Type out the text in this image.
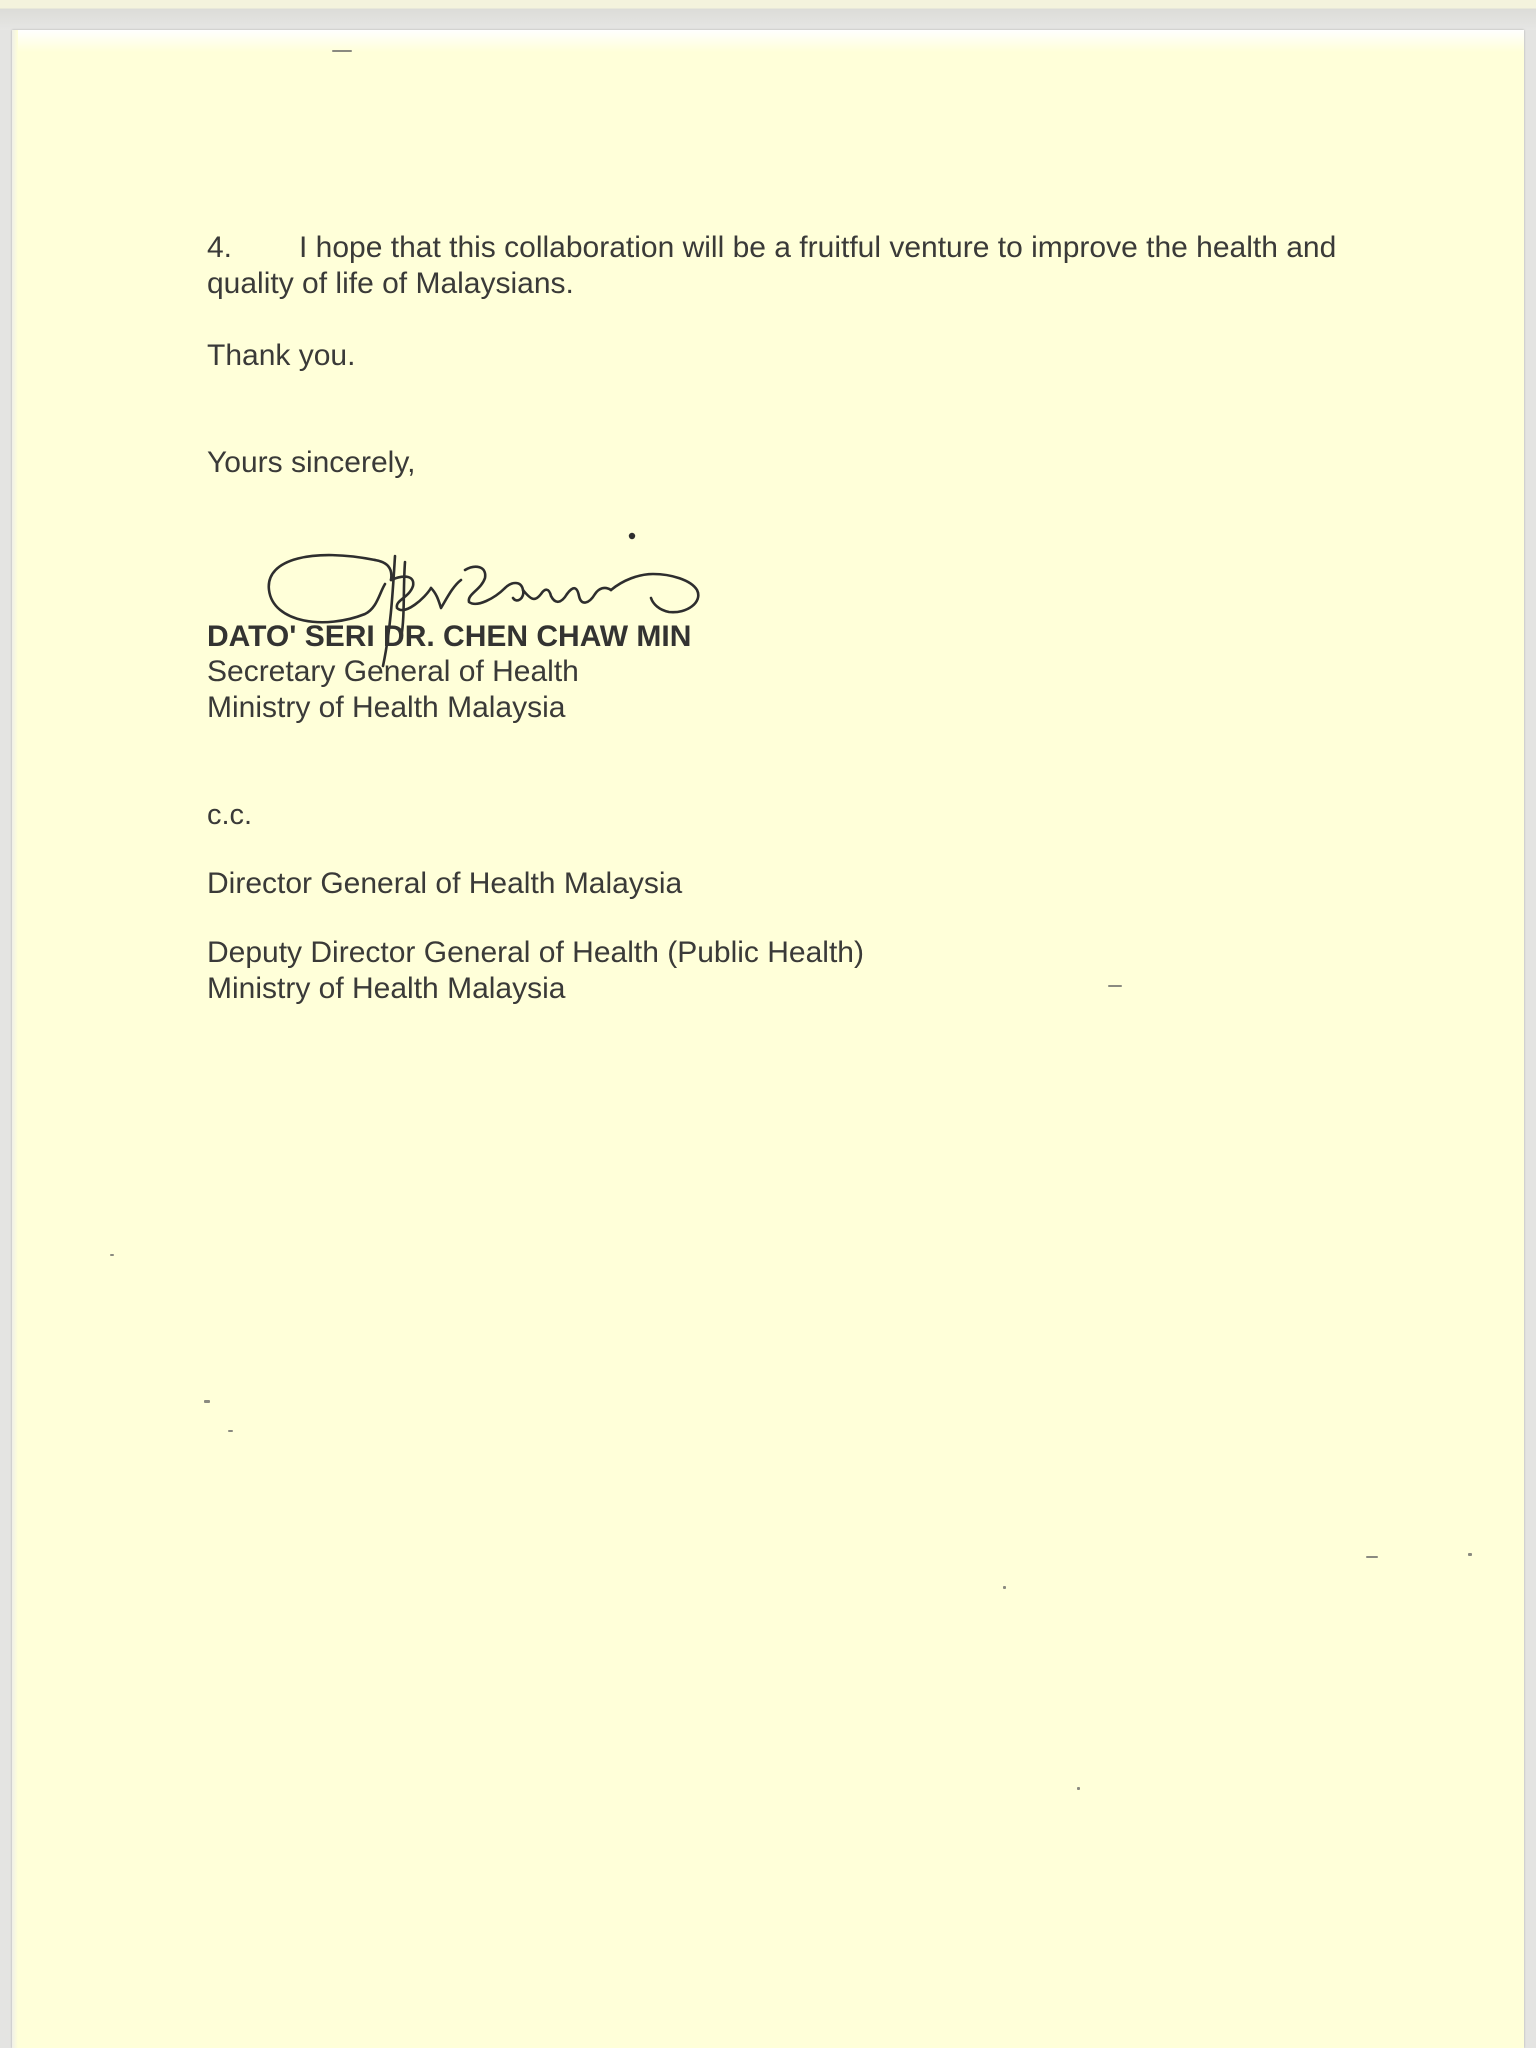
4. I hope that this collaboration will be a fruitful venture to improve the health and
quality of life of Malaysians.

Thank you.

Yours sincerely,

DATO' SERI DR. CHEN CHAW MIN

Secretary General of Health

Ministry of Health Malaysia

c.c.

Director General of Health Malaysia

Deputy Director General of Health (Public Health)

Ministry of Health Malaysia
